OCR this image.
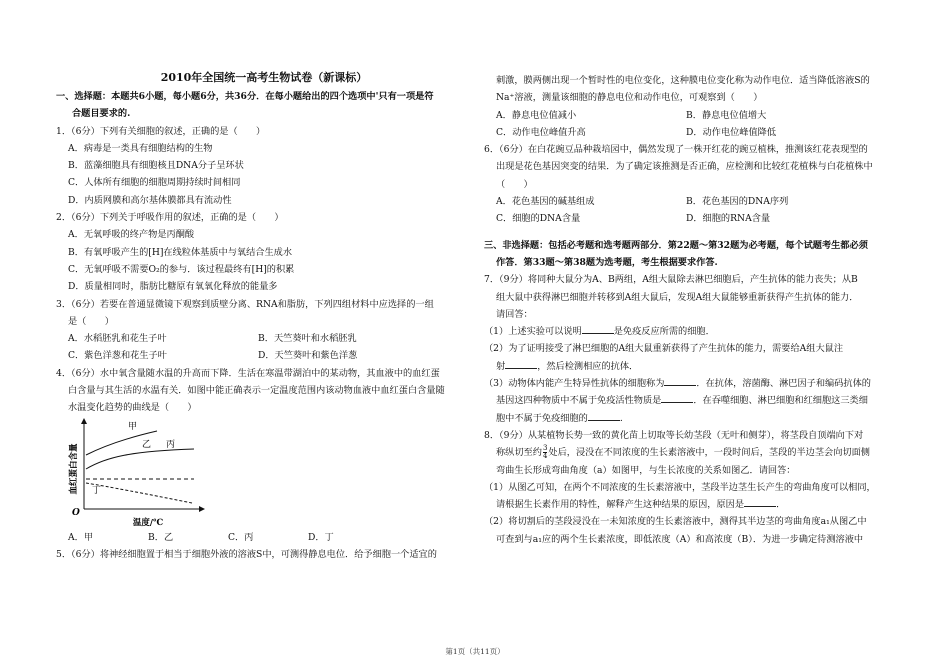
2010年全国统一高考生物试卷（新课标）
一、选择题：本题共6小题，每小题6分，共36分．在每小题给出的四个选项中'只有一项是符
合题目要求的.
1．（6分）下列有关细胞的叙述，正确的是（　　）
A．病毒是一类具有细胞结构的生物
B．蓝藻细胞具有细胞核且DNA分子呈环状
C．人体所有细胞的细胞周期持续时间相同
D．内质网膜和高尔基体膜都具有流动性
2．（6分）下列关于呼吸作用的叙述，正确的是（　　）
A．无氧呼吸的终产物是丙酮酸
B．有氧呼吸产生的[H]在线粒体基质中与氧结合生成水
C．无氧呼吸不需要O₂的参与．该过程最终有[H]的积累
D．质量相同时，脂肪比糖原有氧氧化释放的能量多
3．（6分）若要在普通显微镜下观察到质壁分离、RNA和脂肪，下列四组材料中应选择的一组
是（　　）
A．水稻胚乳和花生子叶	B．天竺葵叶和水稻胚乳
C．紫色洋葱和花生子叶	D．天竺葵叶和紫色洋葱
4．（6分）水中氧含量随水温的升高而下降．生活在寒温带湖泊中的某动物，其血液中的血红蛋
白含量与其生活的水温有关．如图中能正确表示一定温度范围内该动物血液中血红蛋白含量随
水温变化趋势的曲线是（　　）
血红蛋白含量
温度/℃
O
甲
乙 丙
丁
A．甲	B．乙	C．丙	D．丁
5．（6分）将神经细胞置于相当于细胞外液的溶液S中，可测得静息电位．给予细胞一个适宜的
刺激，膜两侧出现一个暂时性的电位变化，这种膜电位变化称为动作电位．适当降低溶液S的
Na⁺溶液，测量该细胞的静息电位和动作电位，可观察到（　　）
A．静息电位值减小	B．静息电位值增大
C．动作电位峰值升高	D．动作电位峰值降低
6．（6分）在白花豌豆品种栽培园中，偶然发现了一株开红花的豌豆植株，推测该红花表现型的
出现是花色基因突变的结果．为了确定该推测是否正确，应检测和比较红花植株与白花植株中
（　　）
A．花色基因的碱基组成	B．花色基因的DNA序列
C．细胞的DNA含量	D．细胞的RNA含量
三、非选择题：包括必考题和选考题两部分．第22题～第32题为必考题，每个试题考生都必须
作答．第33题～第38题为选考题，考生根据要求作答.
7．（9分）将同种大鼠分为A、B两组，A组大鼠除去淋巴细胞后，产生抗体的能力丧失；从B
组大鼠中获得淋巴细胞并转移到A组大鼠后，发现A组大鼠能够重新获得产生抗体的能力．
请回答：
（1）上述实验可以说明	是免疫反应所需的细胞．
（2）为了证明接受了淋巴细胞的A组大鼠重新获得了产生抗体的能力，需要给A组大鼠注
射	，然后检测相应的抗体．
（3）动物体内能产生特异性抗体的细胞称为	．在抗体，溶菌酶、淋巴因子和编码抗体的
基因这四种物质中不属于免疫活性物质是	．在吞噬细胞、淋巴细胞和红细胞这三类细
胞中不属于免疫细胞的	.
8．（9分）从某植物长势一致的黄化苗上切取等长幼茎段（无叶和侧芽），将茎段自顶端向下对
称纵切至约 $\frac{3}{4}$ 处后，浸没在不同浓度的生长素溶液中，一段时间后，茎段的半边茎会向切面侧
弯曲生长形成弯曲角度（a）如图甲，与生长浓度的关系如图乙．请回答：
（1）从图乙可知，在两个不同浓度的生长素溶液中，茎段半边茎生长产生的弯曲角度可以相同，
请根据生长素作用的特性，解释产生这种结果的原因，原因是	．
（2）将切割后的茎段浸没在一未知浓度的生长素溶液中，测得其半边茎的弯曲角度a₁从图乙中
可查到与a₁应的两个生长素浓度，即低浓度（A）和高浓度（B）．为进一步确定待测溶液中
第1页（共11页）
